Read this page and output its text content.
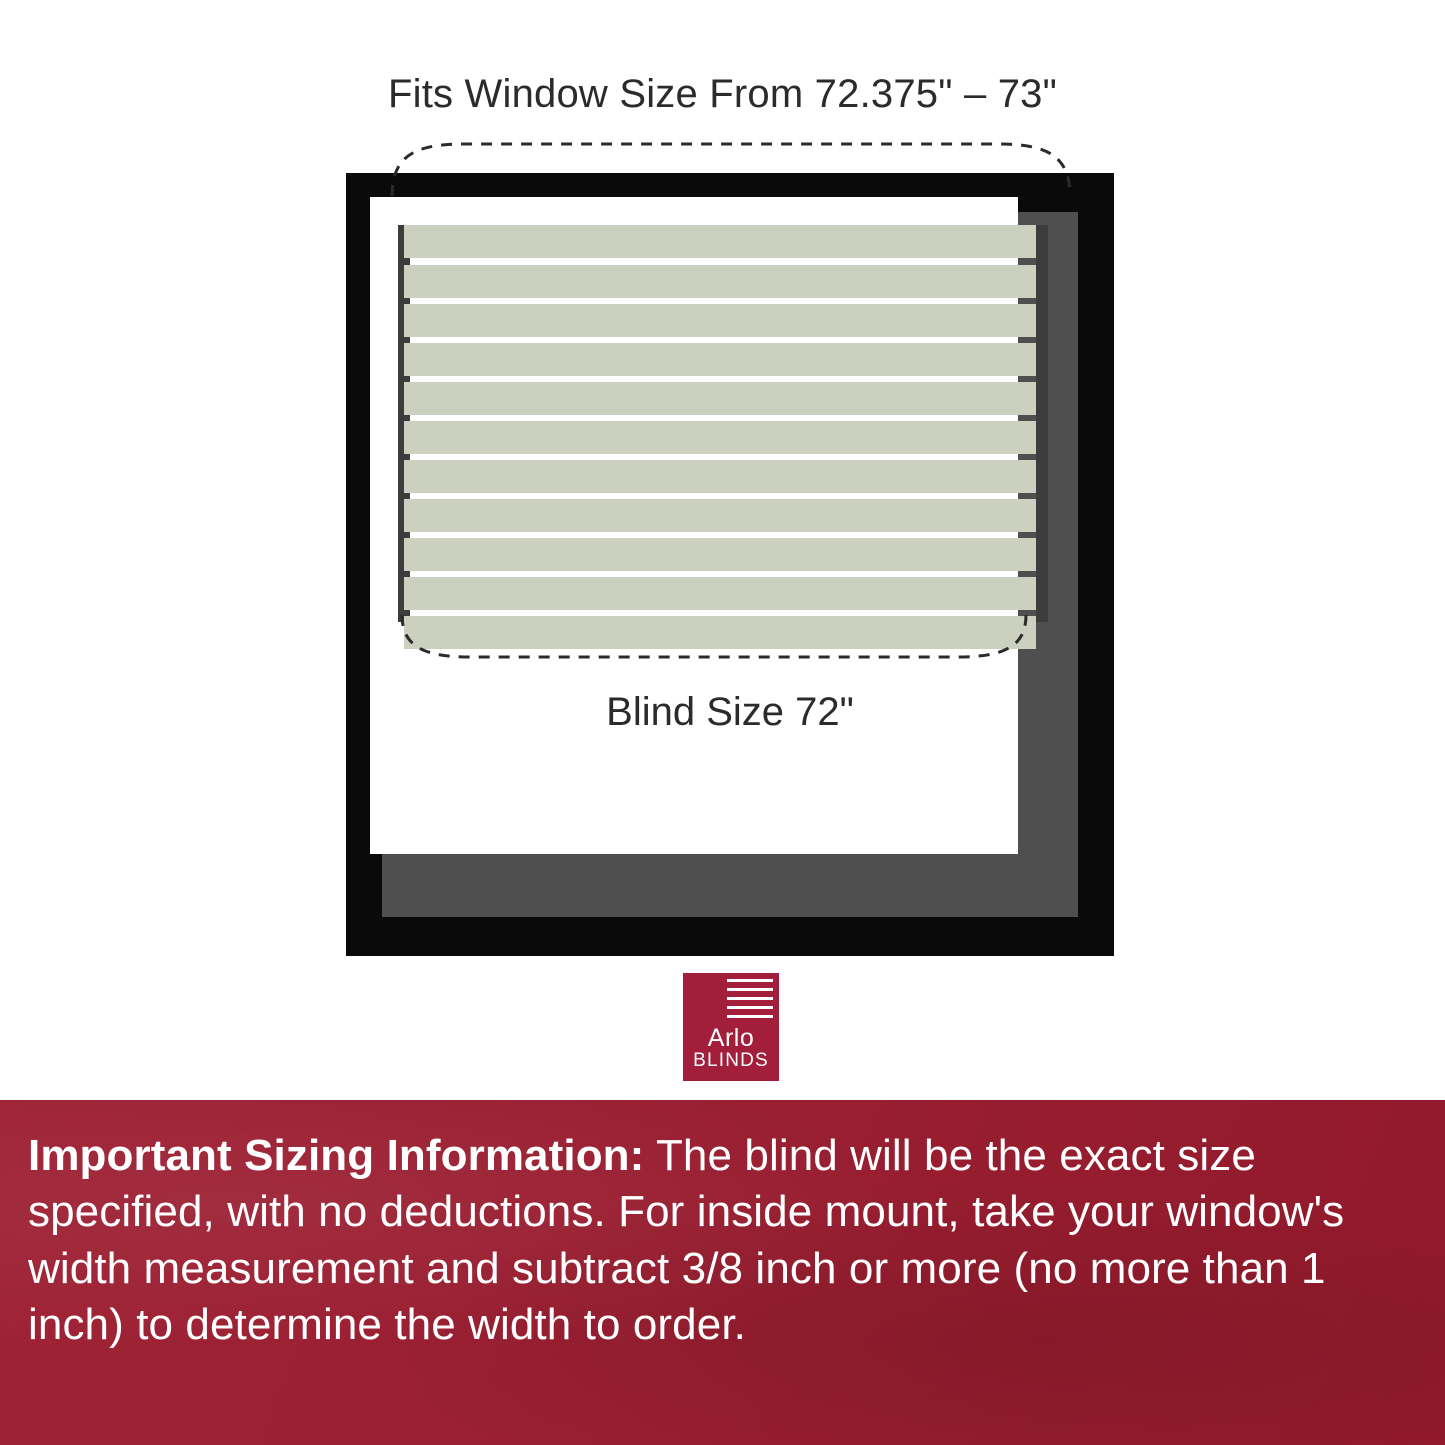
Fits Window Size From 72.375" – 73"
Blind Size 72"
Arlo
BLINDS

Important Sizing Information: The blind will be the exact size specified, with no deductions. For inside mount, take your window's width measurement and subtract 3/8 inch or more (no more than 1 inch) to determine the width to order.
